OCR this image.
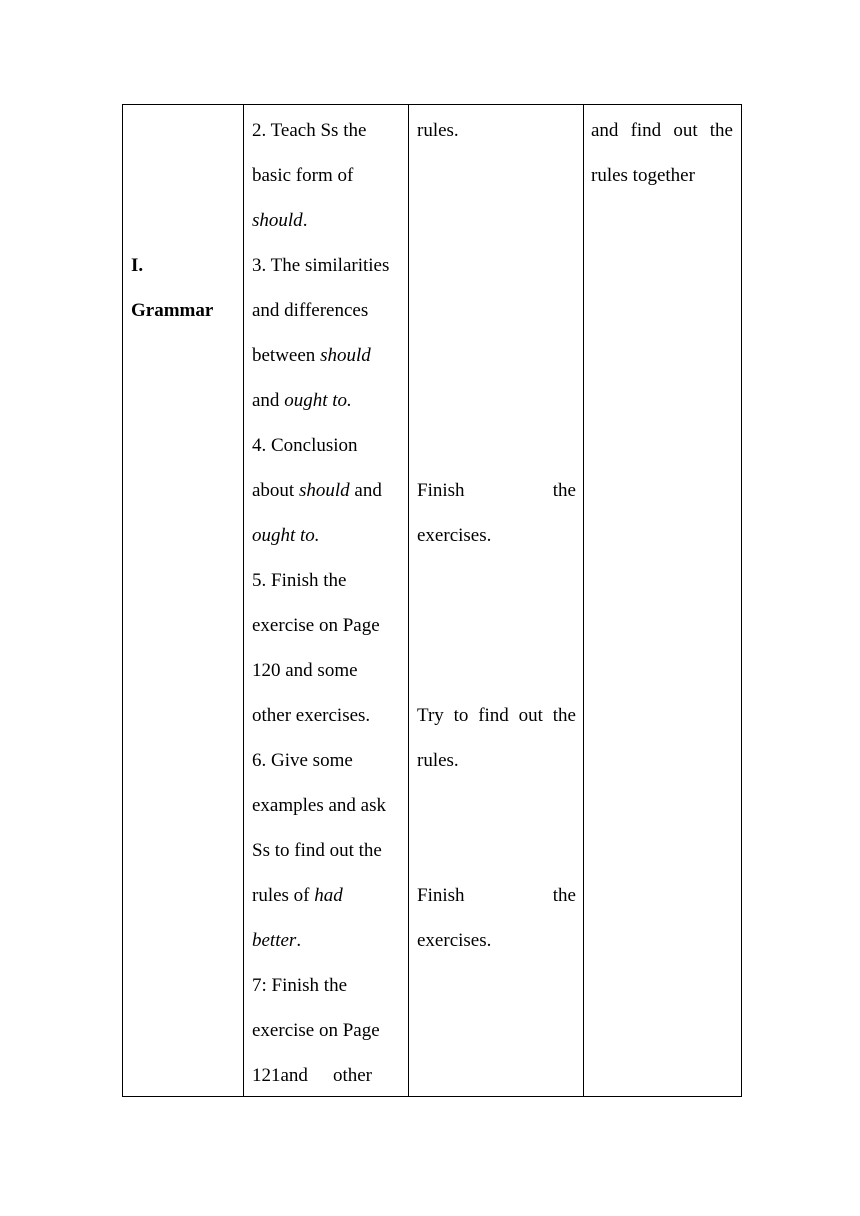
I.
Grammar

2. Teach Ss the
basic form of
should.
3. The similarities
and differences
between should
and ought to.
4. Conclusion
about should and
ought to.
5. Finish the
exercise on Page
120 and some
other exercises.
6. Give some
examples and ask
Ss to find out the
rules of had
better.
7: Finish the
exercise on Page
121and other

rules.
Finish	the
exercises.
Try to find out the
rules.
Finish	the
exercises.

and find out the
rules together
